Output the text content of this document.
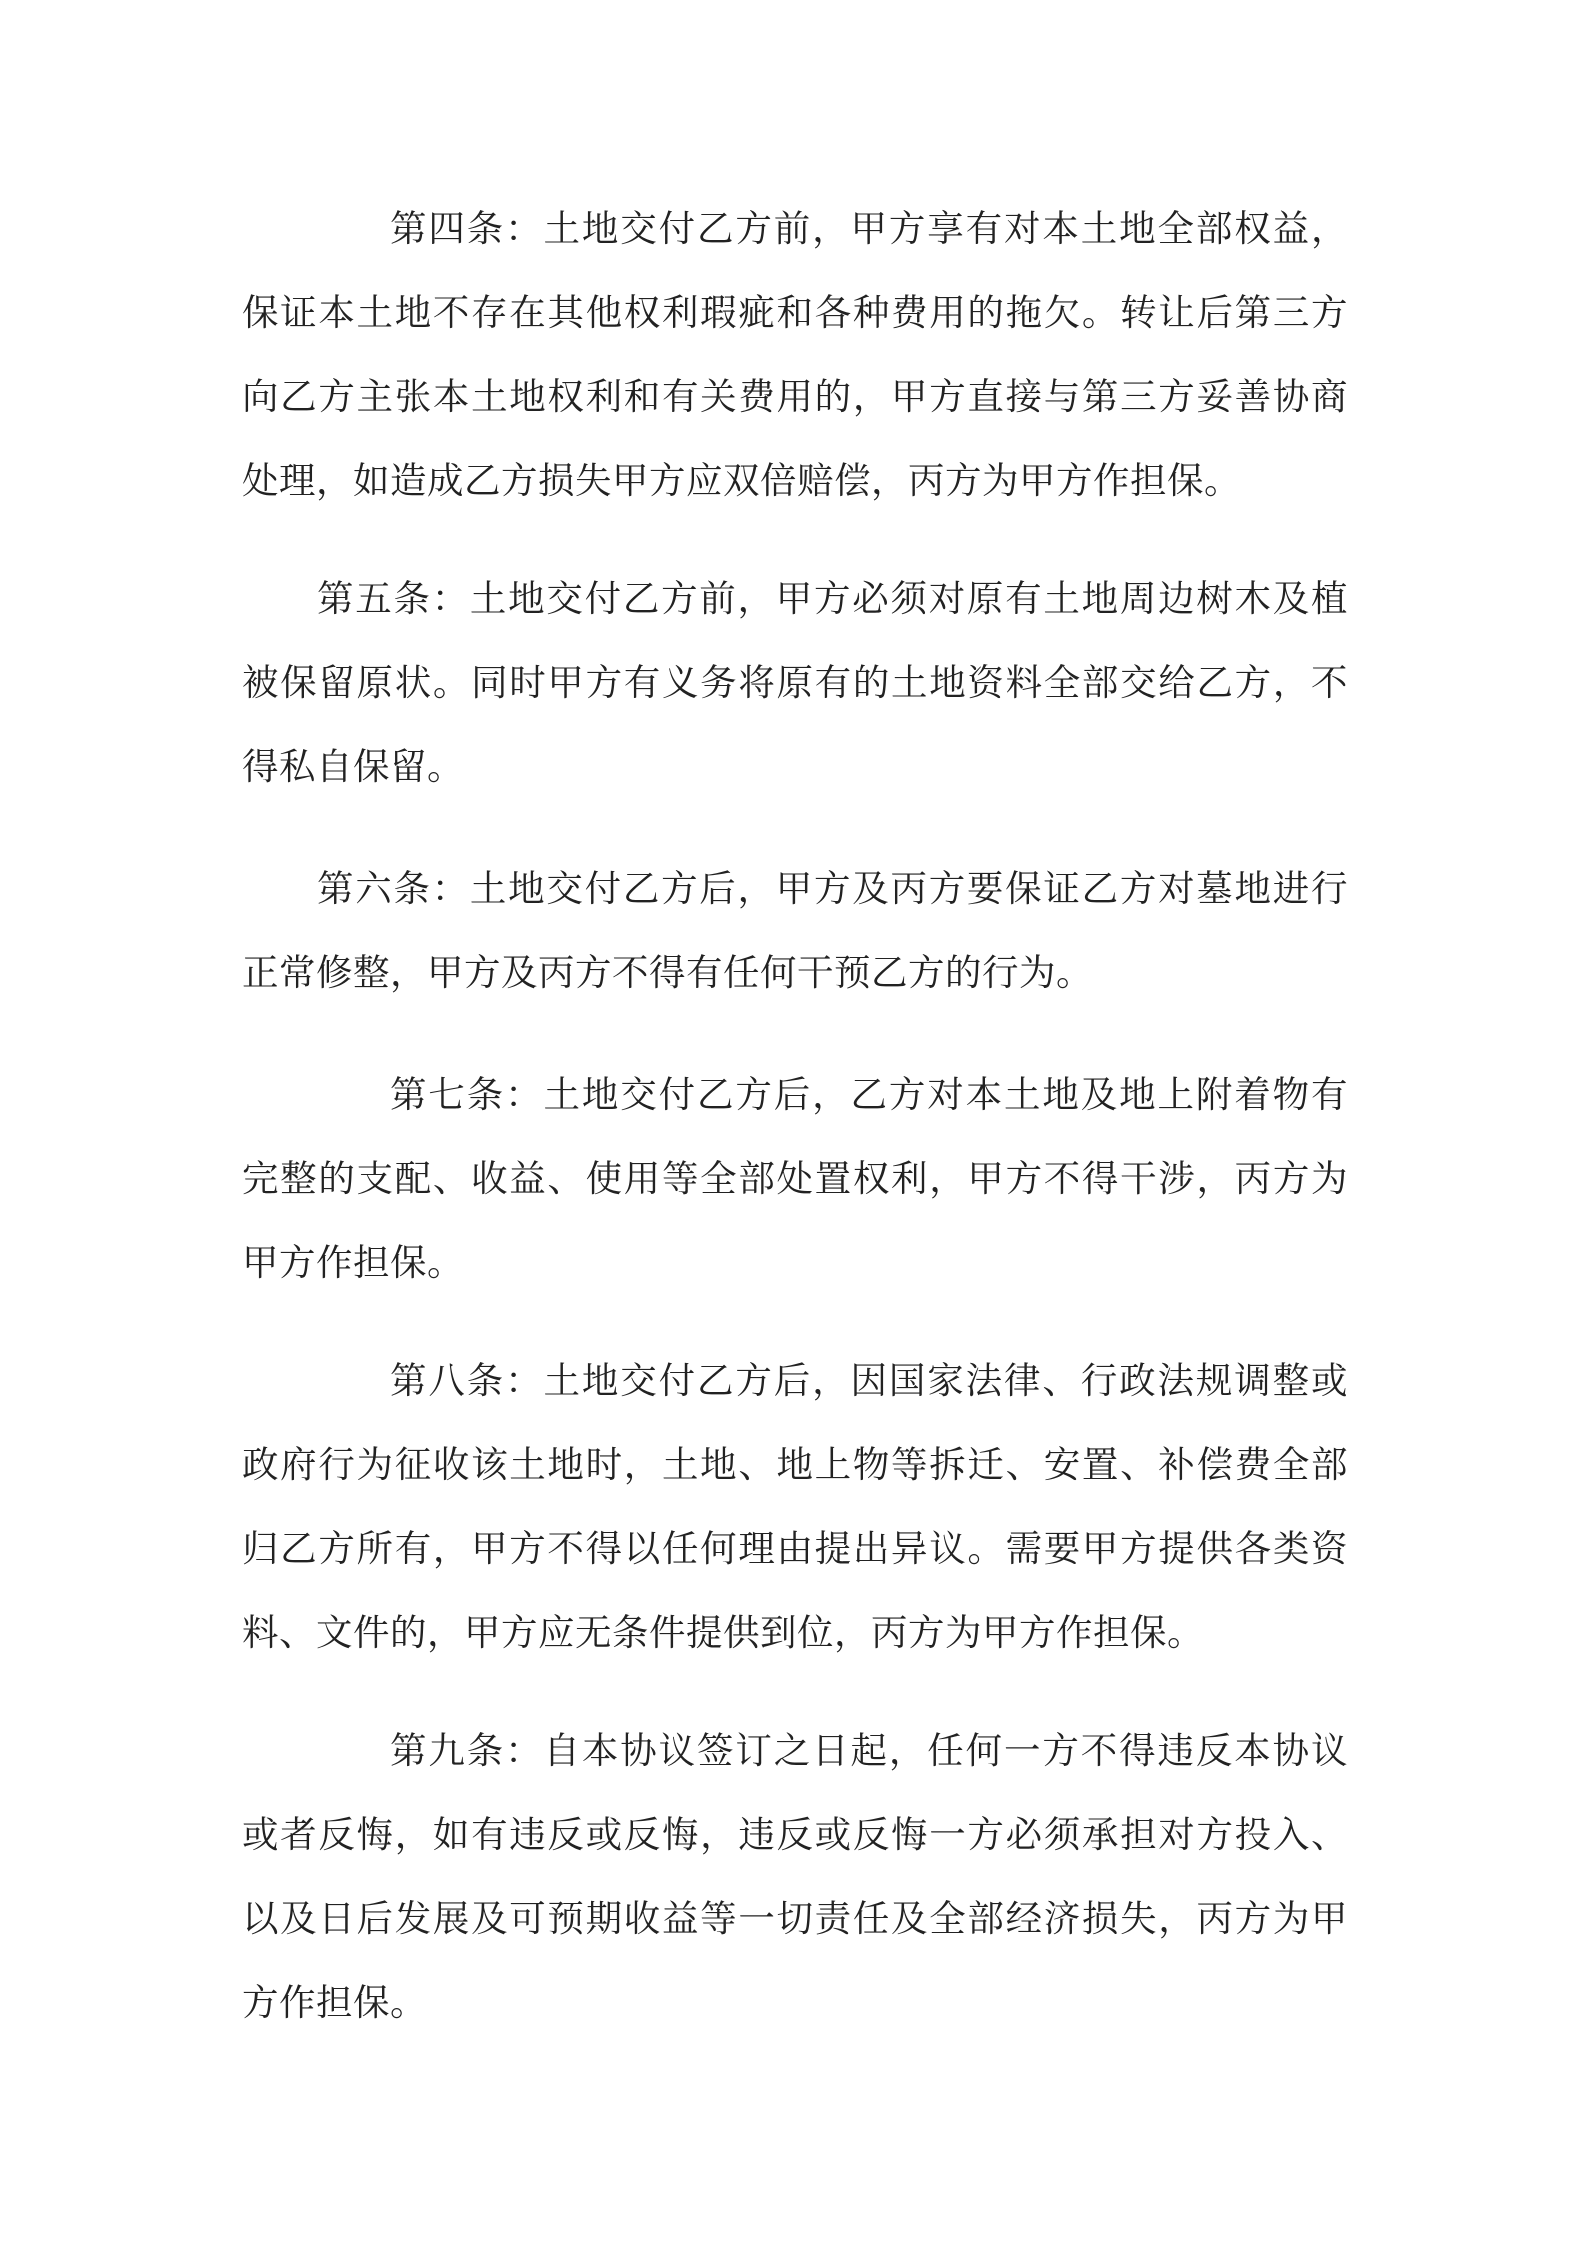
第四条：土地交付乙方前，甲方享有对本土地全部权益，保证本土地不存在其他权利瑕疵和各种费用的拖欠。转让后第三方向乙方主张本土地权利和有关费用的，甲方直接与第三方妥善协商处理，如造成乙方损失甲方应双倍赔偿，丙方为甲方作担保。

第五条：土地交付乙方前，甲方必须对原有土地周边树木及植被保留原状。同时甲方有义务将原有的土地资料全部交给乙方，不得私自保留。

第六条：土地交付乙方后，甲方及丙方要保证乙方对墓地进行正常修整，甲方及丙方不得有任何干预乙方的行为。

第七条：土地交付乙方后，乙方对本土地及地上附着物有完整的支配、收益、使用等全部处置权利，甲方不得干涉，丙方为甲方作担保。

第八条：土地交付乙方后，因国家法律、行政法规调整或政府行为征收该土地时，土地、地上物等拆迁、安置、补偿费全部归乙方所有，甲方不得以任何理由提出异议。需要甲方提供各类资料、文件的，甲方应无条件提供到位，丙方为甲方作担保。

第九条：自本协议签订之日起，任何一方不得违反本协议或者反悔，如有违反或反悔，违反或反悔一方必须承担对方投入、以及日后发展及可预期收益等一切责任及全部经济损失，丙方为甲方作担保。
